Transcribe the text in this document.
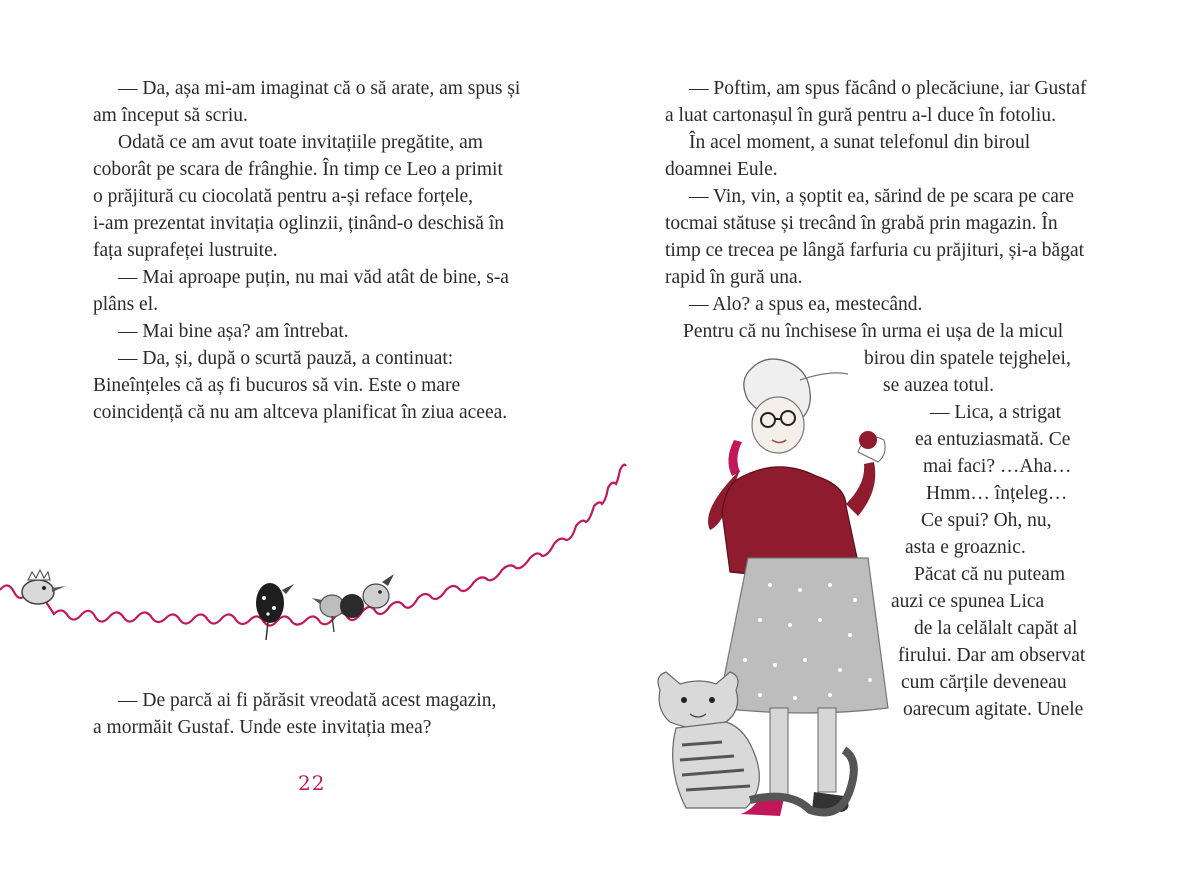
— Da, așa mi-am imaginat că o să arate, am spus și
am început să scriu.
Odată ce am avut toate invitațiile pregătite, am
coborât pe scara de frânghie. În timp ce Leo a primit
o prăjitură cu ciocolată pentru a-și reface forțele,
i-am prezentat invitația oglinzii, ținând-o deschisă în
fața suprafeței lustruite.
— Mai aproape puțin, nu mai văd atât de bine, s-a
plâns el.
— Mai bine așa? am întrebat.
— Da, și, după o scurtă pauză, a continuat:
Bineînțeles că aș fi bucuros să vin. Este o mare
coincidență că nu am altceva planificat în ziua aceea.
— De parcă ai fi părăsit vreodată acest magazin,
a mormăit Gustaf. Unde este invitația mea?
22
— Poftim, am spus făcând o plecăciune, iar Gustaf
a luat cartonașul în gură pentru a-l duce în fotoliu.
În acel moment, a sunat telefonul din biroul
doamnei Eule.
— Vin, vin, a șoptit ea, sărind de pe scara pe care
tocmai stătuse și trecând în grabă prin magazin. În
timp ce trecea pe lângă farfuria cu prăjituri, și-a băgat
rapid în gură una.
— Alo? a spus ea, mestecând.
Pentru că nu închisese în urma ei ușa de la micul
birou din spatele tejghelei,
se auzea totul.
— Lica, a strigat
ea entuziasmată. Ce
mai faci? …Aha…
Hmm… înțeleg…
Ce spui? Oh, nu,
asta e groaznic.
Păcat că nu puteam
auzi ce spunea Lica
de la celălalt capăt al
firului. Dar am observat
cum cărțile deveneau
oarecum agitate. Unele
